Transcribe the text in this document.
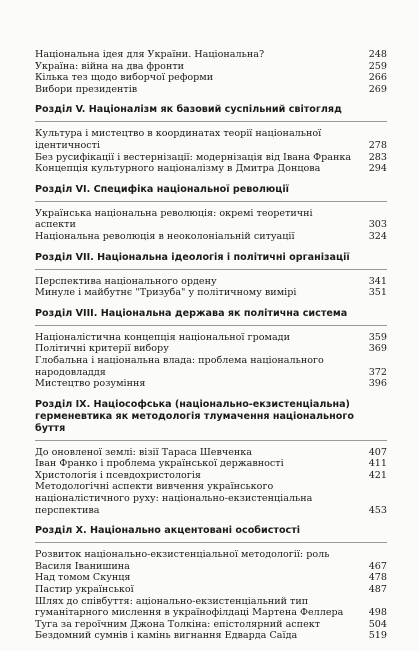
Національна ідея для України. Національна?	248
Україна: війна на два фронти	259
Кілька тез щодо виборчої реформи	266
Вибори президентів	269
Розділ V. Націоналізм як базовий суспільний світогляд
Культура і мистецтво в координатах теорії національної ідентичності	278
Без русифікації і вестернізації: модернізація від Івана Франка	283
Концепція культурного націоналізму в Дмитра Донцова	294
Розділ VI. Специфіка національної революції
Українська національна революція: окремі теоретичні аспекти	303
Національна революція в неоколоніальній ситуації	324
Розділ VII. Національна ідеологія і політичні організації
Перспектива національного ордену	341
Минуле і майбутнє "Тризуба" у політичному вимірі	351
Розділ VIII. Національна держава як політична система
Націоналістична концепція національної громади	359
Політичні критерії вибору	369
Глобальна і національна влада: проблема національного народовладдя	372
Мистецтво розуміння	396
Розділ IX. Націософська (національно-екзистенціальна) герменевтика як методологія тлумачення національного буття
До оновленої землі: візії Тараса Шевченка	407
Іван Франко і проблема української державності	411
Христологія і псевдохристологія	421
Методологічні аспекти вивчення українського націоналістичного руху: національно-екзистенціальна перспектива	453
Розділ X. Національно акцентовані особистості
Розвиток національно-екзистенціальної методології: роль Василя Іванишина	467
Над томом Скунця	478
Пастир української	487
Шлях до співбуття: аціонально-екзистенціальний тип гуманітарного мислення в українофілдаці Мартена Феллера	498
Туга за героїчним Джона Толкіна: епістолярний аспект	504
Бездомний сумнів і камінь вигнання Едварда Саїда	519
